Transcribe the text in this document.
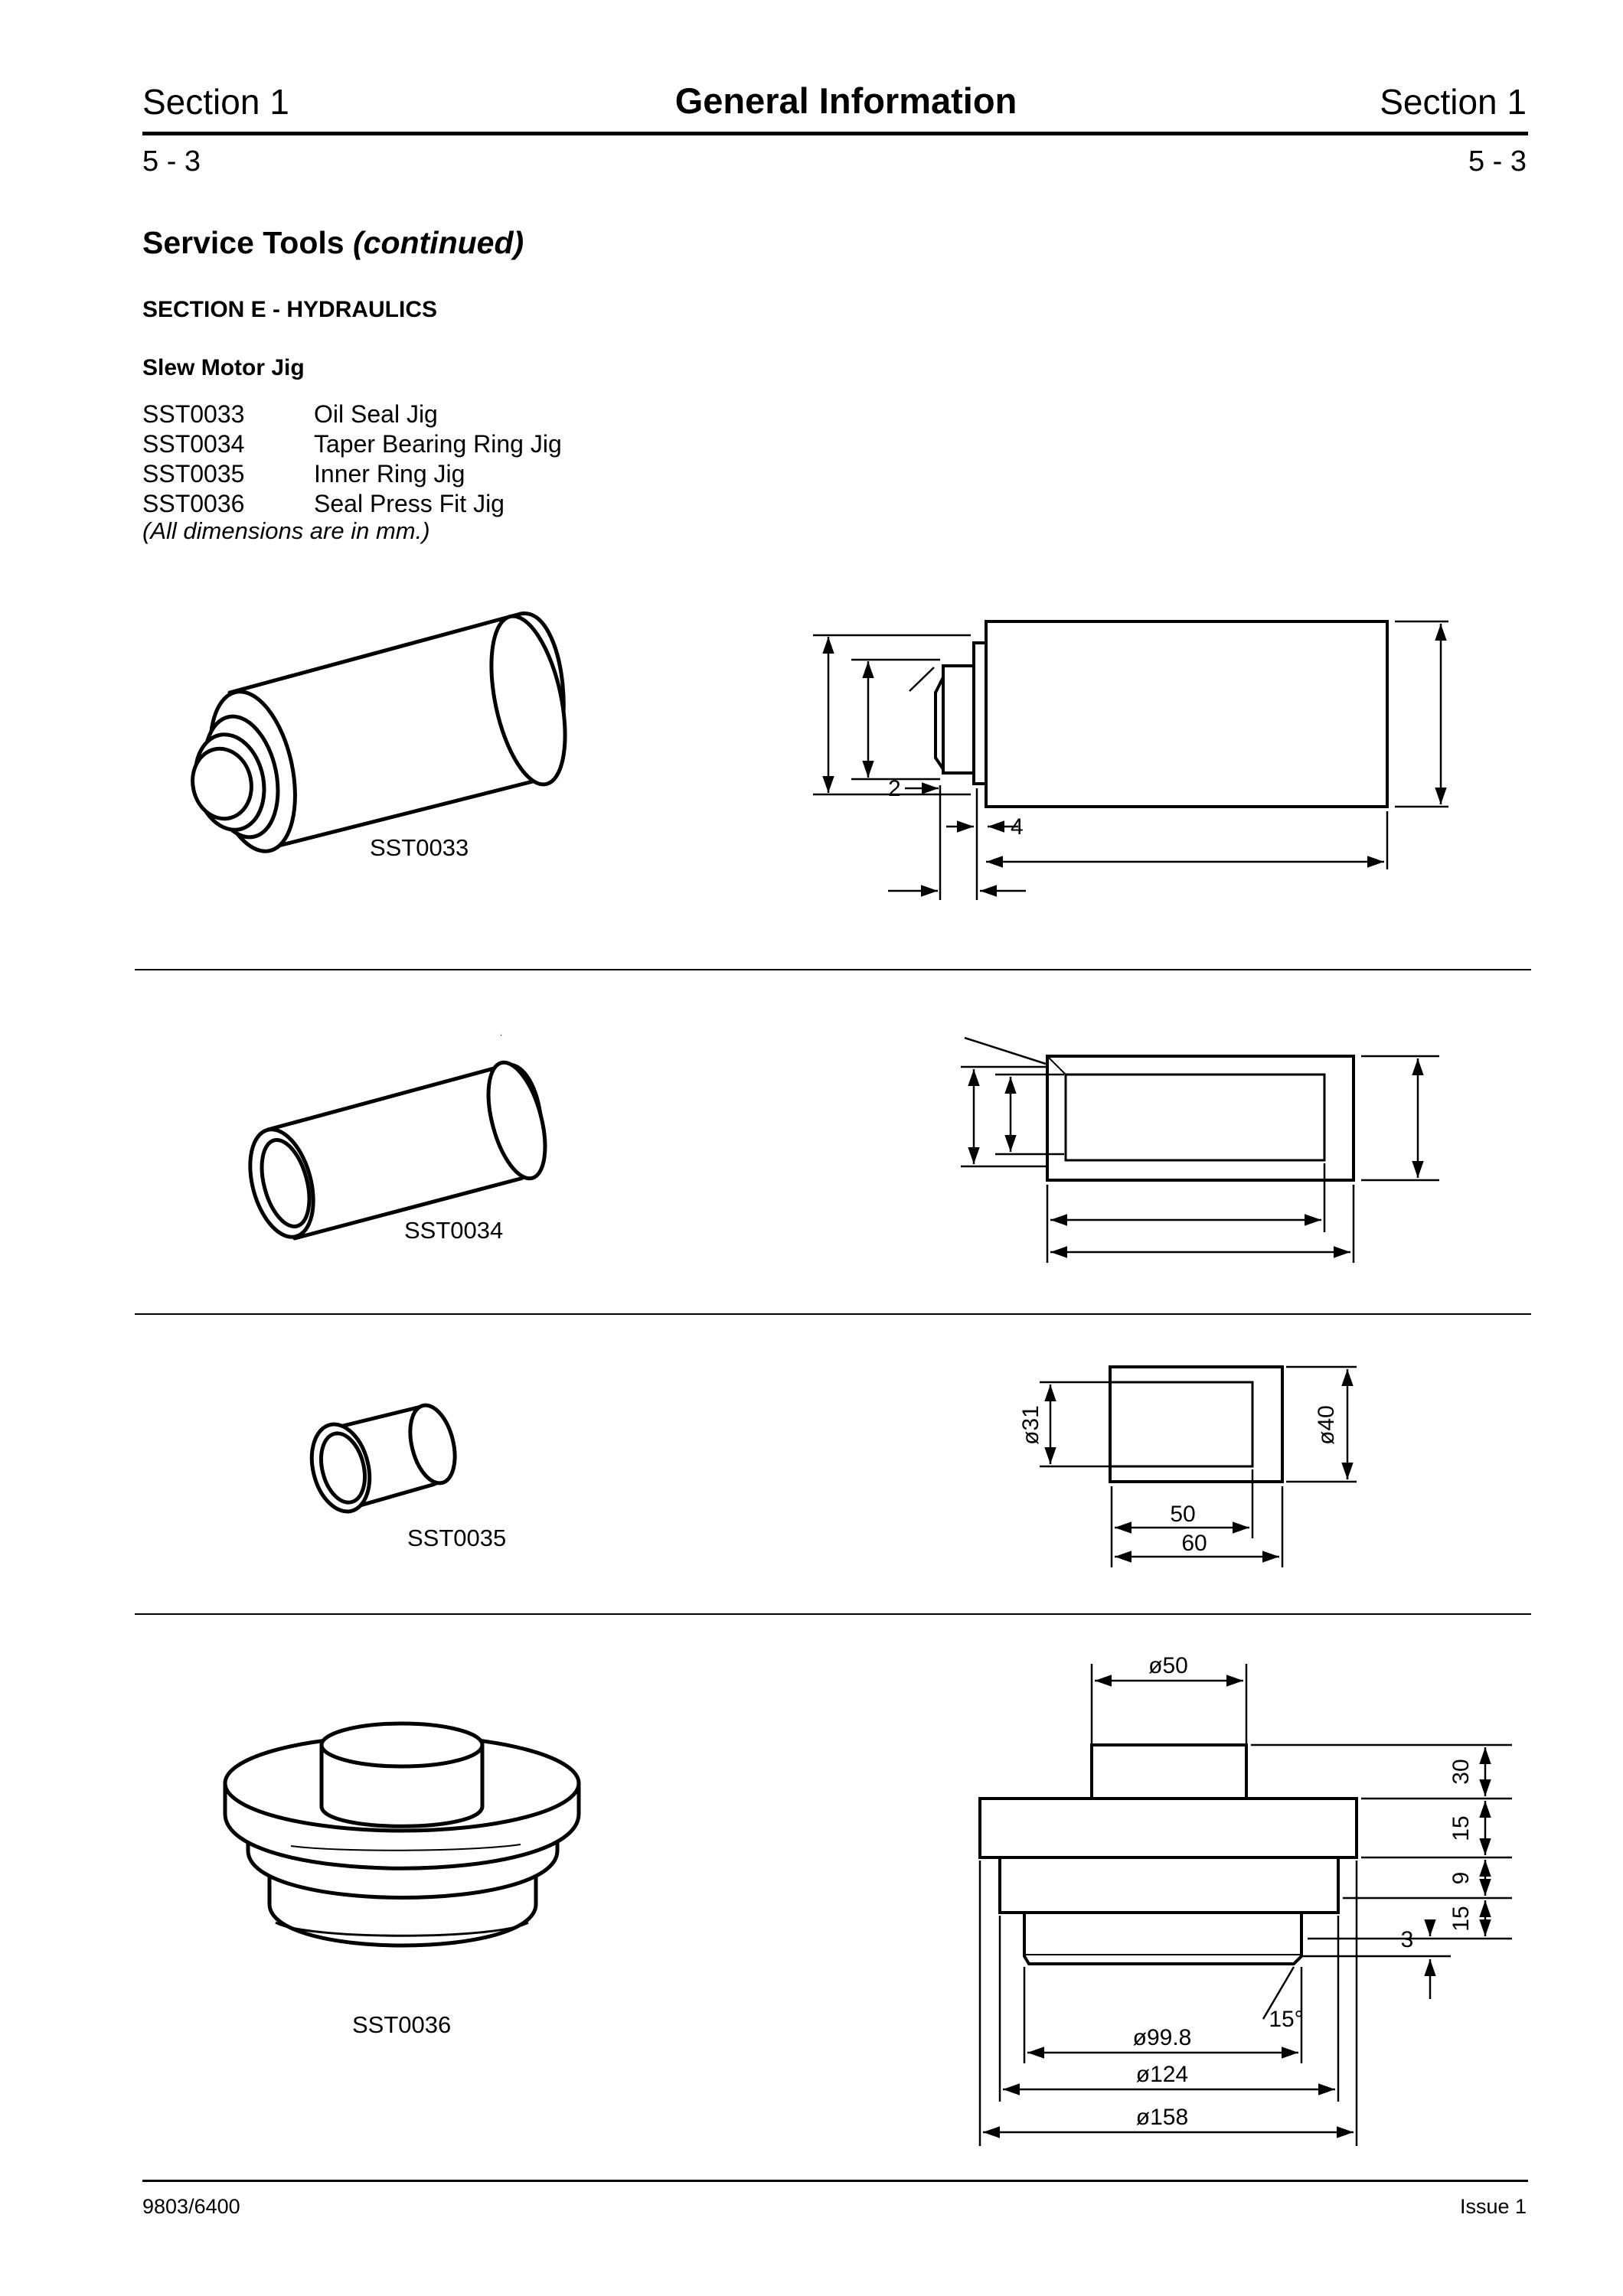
Section 1	General Information	Section 1
5 - 3	5 - 3
Service Tools (continued)
SECTION E - HYDRAULICS
Slew Motor Jig
SST0033	Oil Seal Jig
SST0034	Taper Bearing Ring Jig
SST0035	Inner Ring Jig
SST0036	Seal Press Fit Jig
(All dimensions are in mm.)
SST0033
SST0034
SST0035
SST0036
2
4
ø31	ø40
50
60
ø50
30
15
9
3
15
15°
ø99.8
ø124
ø158
9803/6400	Issue 1
